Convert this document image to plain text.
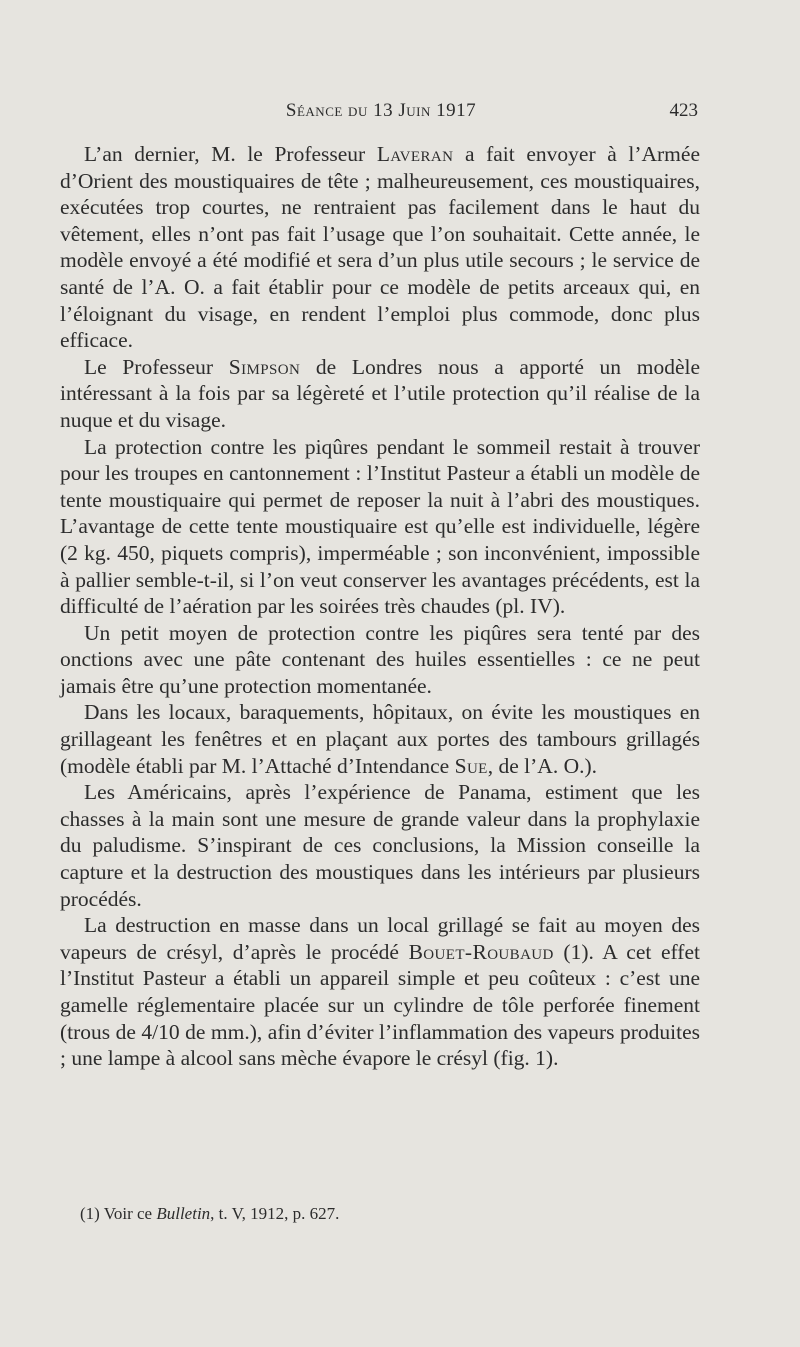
Séance du 13 Juin 1917	423

L’an dernier, M. le Professeur Laveran a fait envoyer à l’Armée d’Orient des moustiquaires de tête ; malheureusement, ces moustiquaires, exécutées trop courtes, ne rentraient pas facilement dans le haut du vêtement, elles n’ont pas fait l’usage que l’on souhaitait. Cette année, le modèle envoyé a été modifié et sera d’un plus utile secours ; le service de santé de l’A. O. a fait établir pour ce modèle de petits arceaux qui, en l’éloignant du visage, en rendent l’emploi plus commode, donc plus efficace.

Le Professeur Simpson de Londres nous a apporté un modèle intéressant à la fois par sa légèreté et l’utile protection qu’il réalise de la nuque et du visage.

La protection contre les piqûres pendant le sommeil restait à trouver pour les troupes en cantonnement : l’Institut Pasteur a établi un modèle de tente moustiquaire qui permet de reposer la nuit à l’abri des moustiques. L’avantage de cette tente moustiquaire est qu’elle est individuelle, légère (2 kg. 450, piquets compris), imperméable ; son inconvénient, impossible à pallier semble-t-il, si l’on veut conserver les avantages précédents, est la difficulté de l’aération par les soirées très chaudes (pl. IV).

Un petit moyen de protection contre les piqûres sera tenté par des onctions avec une pâte contenant des huiles essentielles : ce ne peut jamais être qu’une protection momentanée.

Dans les locaux, baraquements, hôpitaux, on évite les moustiques en grillageant les fenêtres et en plaçant aux portes des tambours grillagés (modèle établi par M. l’Attaché d’Intendance Sue, de l’A. O.).

Les Américains, après l’expérience de Panama, estiment que les chasses à la main sont une mesure de grande valeur dans la prophylaxie du paludisme. S’inspirant de ces conclusions, la Mission conseille la capture et la destruction des moustiques dans les intérieurs par plusieurs procédés.

La destruction en masse dans un local grillagé se fait au moyen des vapeurs de crésyl, d’après le procédé Bouet-Roubaud (1). A cet effet l’Institut Pasteur a établi un appareil simple et peu coûteux : c’est une gamelle réglementaire placée sur un cylindre de tôle perforée finement (trous de 4/10 de mm.), afin d’éviter l’inflammation des vapeurs produites ; une lampe à alcool sans mèche évapore le crésyl (fig. 1).

(1) Voir ce Bulletin, t. V, 1912, p. 627.
